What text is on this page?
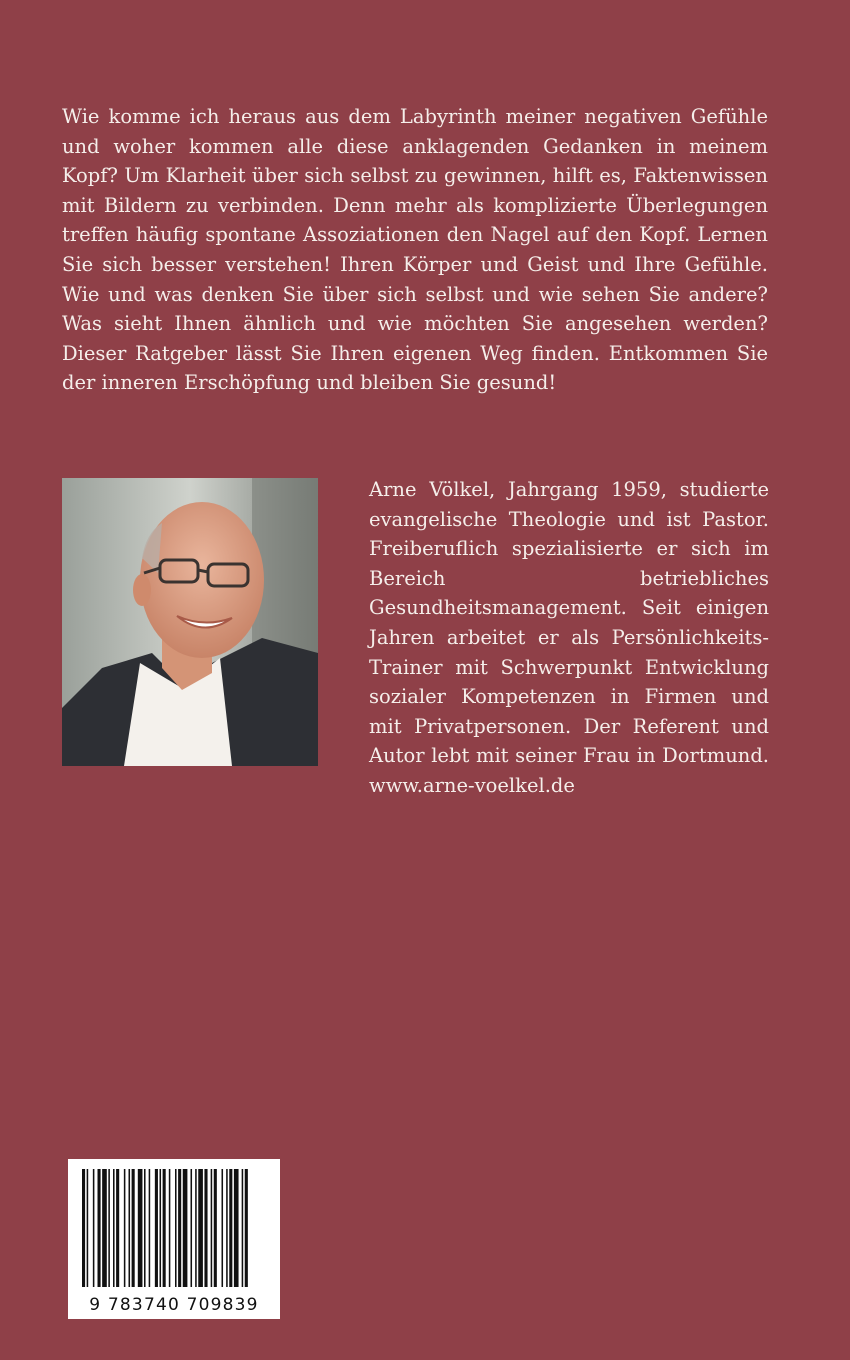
Wie komme ich heraus aus dem Labyrinth meiner negativen Gefühle und woher kommen alle diese anklagenden Gedanken in meinem Kopf? Um Klarheit über sich selbst zu gewinnen, hilft es, Faktenwissen mit Bildern zu verbinden. Denn mehr als komplizierte Überlegungen treffen häufig spontane Assoziationen den Nagel auf den Kopf. Lernen Sie sich besser verstehen! Ihren Körper und Geist und Ihre Gefühle. Wie und was denken Sie über sich selbst und wie sehen Sie andere? Was sieht Ihnen ähnlich und wie möchten Sie angesehen werden? Dieser Ratgeber lässt Sie Ihren eigenen Weg finden. Entkommen Sie der inneren Erschöpfung und bleiben Sie gesund!

Arne Völkel, Jahrgang 1959, studierte evangelische Theologie und ist Pastor. Freiberuflich spezialisierte er sich im Bereich betriebliches Gesundheitsmanagement. Seit einigen Jahren arbeitet er als Persönlichkeits-Trainer mit Schwerpunkt Entwicklung sozialer Kompetenzen in Firmen und mit Privatpersonen. Der Referent und Autor lebt mit seiner Frau in Dortmund. www.arne-voelkel.de

9 783740 709839
